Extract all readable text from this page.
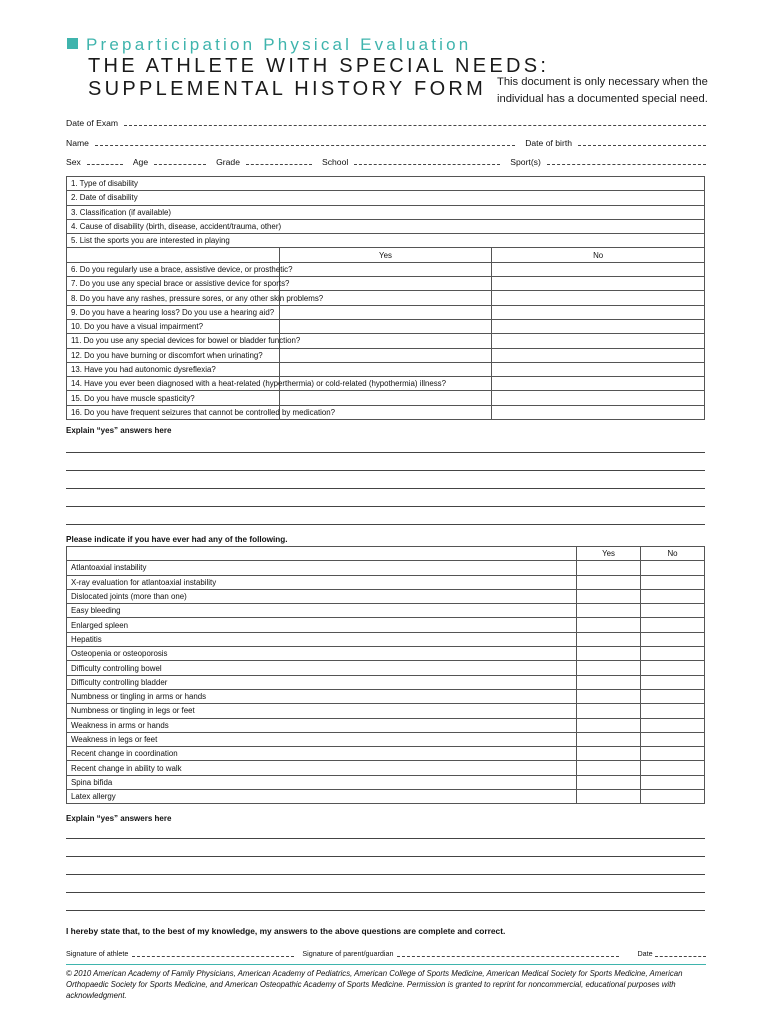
Preparticipation Physical Evaluation
THE ATHLETE WITH SPECIAL NEEDS:
SUPPLEMENTAL HISTORY FORM This document is only necessary when the individual has a documented special need.
Date of Exam
Name	Date of birth
Sex	Age	Grade	School	Sport(s)
1. Type of disability		
2. Date of disability		
3. Classification (if available)		
4. Cause of disability (birth, disease, accident/trauma, other)		
5. List the sports you are interested in playing		
	Yes	No
6. Do you regularly use a brace, assistive device, or prosthetic?		
7. Do you use any special brace or assistive device for sports?		
8. Do you have any rashes, pressure sores, or any other skin problems?		
9. Do you have a hearing loss? Do you use a hearing aid?		
10. Do you have a visual impairment?		
11. Do you use any special devices for bowel or bladder function?		
12. Do you have burning or discomfort when urinating?		
13. Have you had autonomic dysreflexia?		
14. Have you ever been diagnosed with a heat-related (hyperthermia) or cold-related (hypothermia) illness?		
15. Do you have muscle spasticity?		
16. Do you have frequent seizures that cannot be controlled by medication?		
Explain “yes” answers here
Please indicate if you have ever had any of the following.
	Yes	No
Atlantoaxial instability		
X-ray evaluation for atlantoaxial instability		
Dislocated joints (more than one)		
Easy bleeding		
Enlarged spleen		
Hepatitis		
Osteopenia or osteoporosis		
Difficulty controlling bowel		
Difficulty controlling bladder		
Numbness or tingling in arms or hands		
Numbness or tingling in legs or feet		
Weakness in arms or hands		
Weakness in legs or feet		
Recent change in coordination		
Recent change in ability to walk		
Spina bifida		
Latex allergy		
Explain “yes” answers here
I hereby state that, to the best of my knowledge, my answers to the above questions are complete and correct.
Signature of athlete	Signature of parent/guardian	Date
© 2010 American Academy of Family Physicians, American Academy of Pediatrics, American College of Sports Medicine, American Medical Society for Sports Medicine, American Orthopaedic Society for Sports Medicine, and American Osteopathic Academy of Sports Medicine. Permission is granted to reprint for noncommercial, educational purposes with acknowledgment.
